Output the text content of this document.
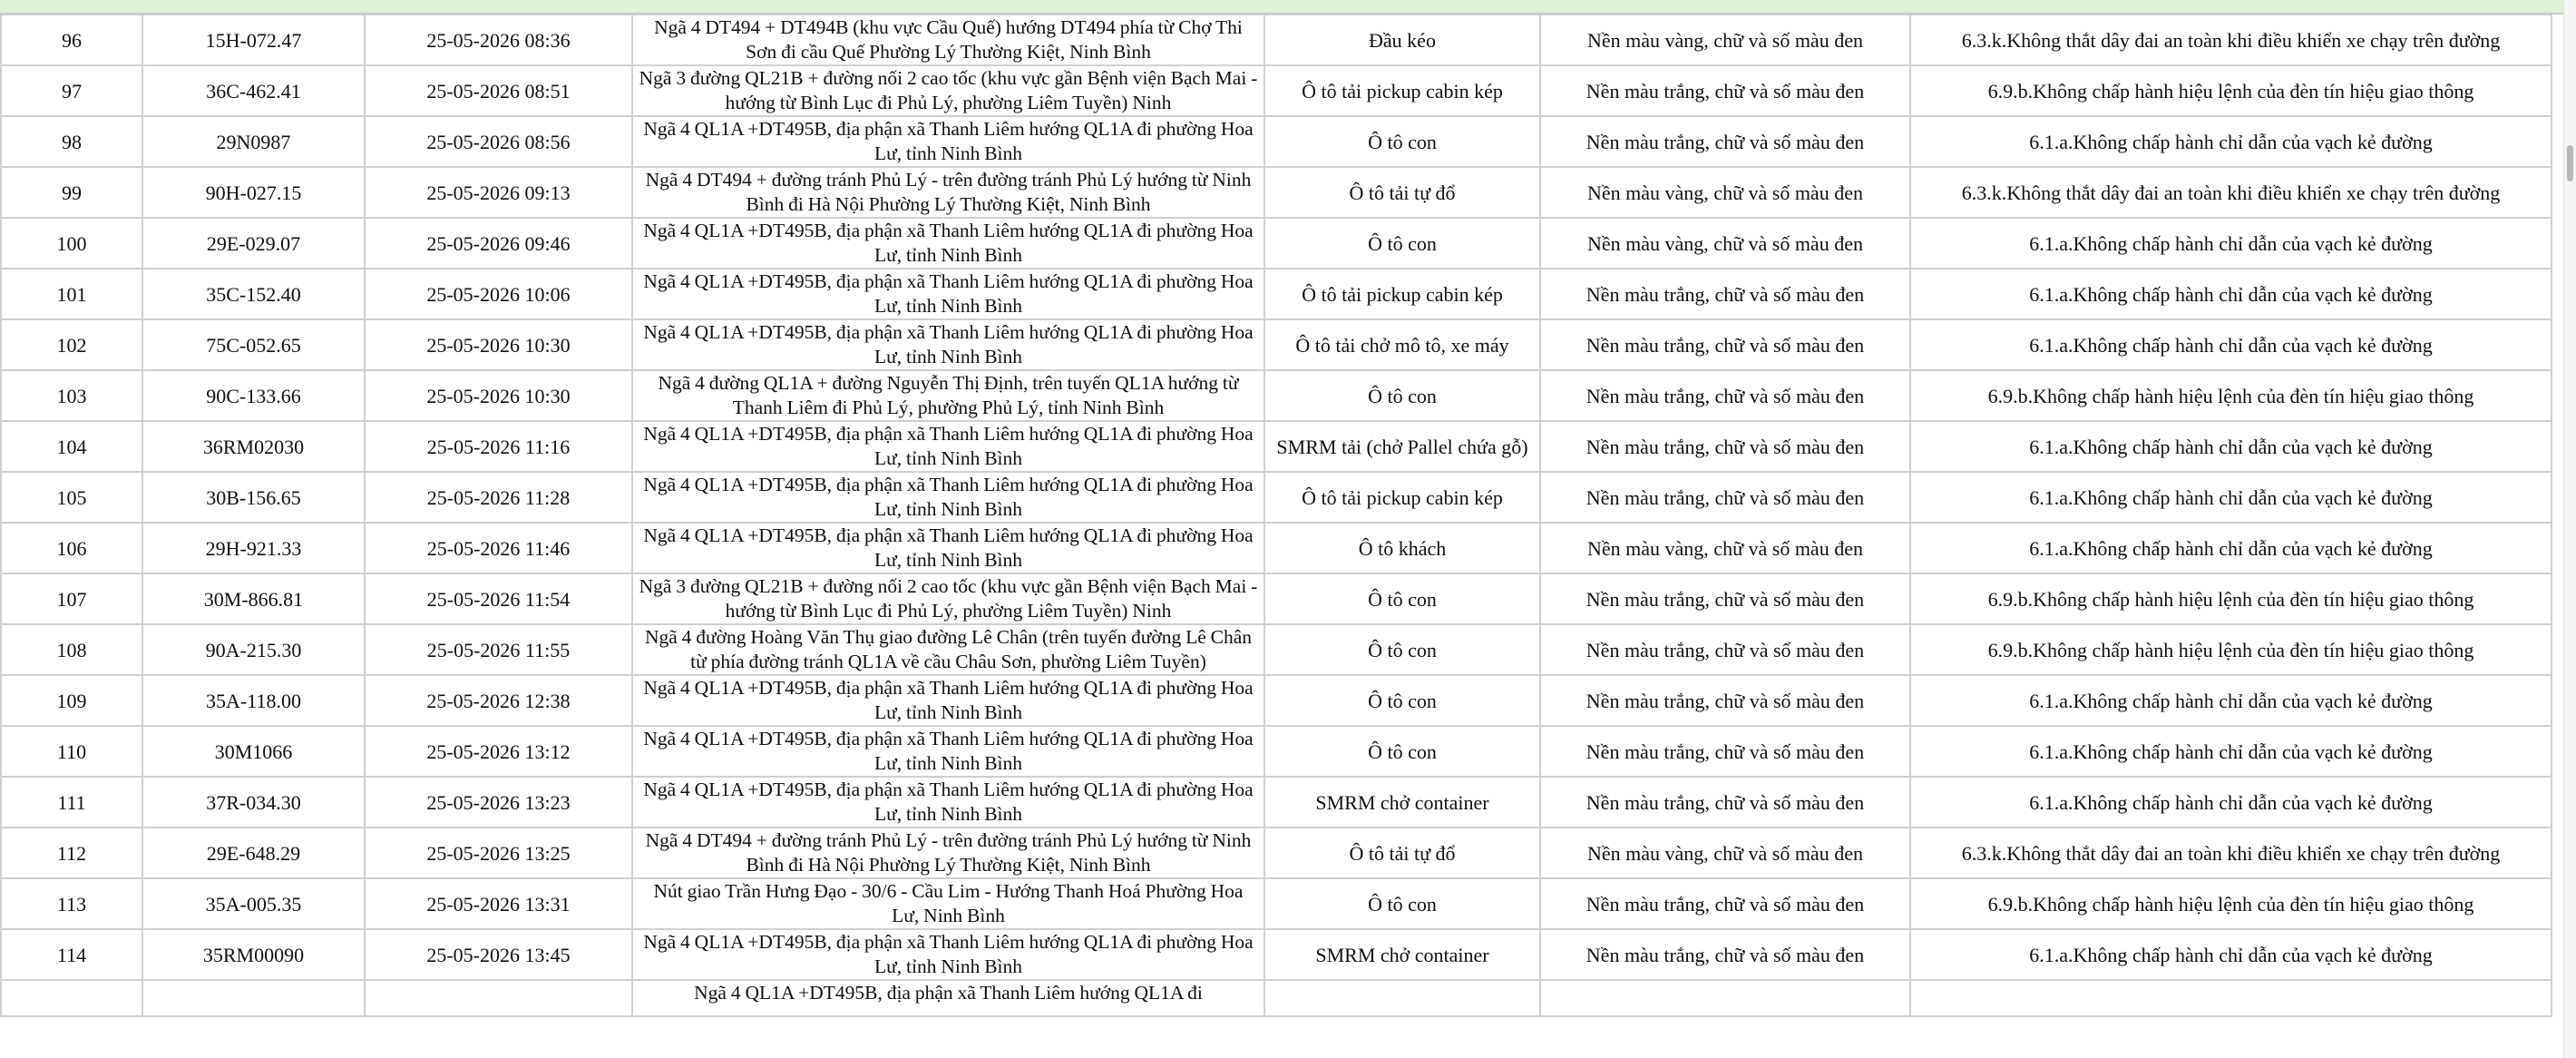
96	15H-072.47	25-05-2026 08:36	Ngã 4 DT494 + DT494B (khu vực Cầu Quế) hướng DT494 phía từ Chợ Thi Sơn đi cầu Quế Phường Lý Thường Kiệt, Ninh Bình	Đầu kéo	Nền màu vàng, chữ và số màu đen	6.3.k.Không thắt dây đai an toàn khi điều khiển xe chạy trên đường
97	36C-462.41	25-05-2026 08:51	Ngã 3 đường QL21B + đường nối 2 cao tốc (khu vực gần Bệnh viện Bạch Mai - hướng từ Bình Lục đi Phủ Lý, phường Liêm Tuyền) Ninh	Ô tô tải pickup cabin kép	Nền màu trắng, chữ và số màu đen	6.9.b.Không chấp hành hiệu lệnh của đèn tín hiệu giao thông
98	29N0987	25-05-2026 08:56	Ngã 4 QL1A +DT495B, địa phận xã Thanh Liêm hướng QL1A đi phường Hoa Lư, tỉnh Ninh Bình	Ô tô con	Nền màu trắng, chữ và số màu đen	6.1.a.Không chấp hành chỉ dẫn của vạch kẻ đường
99	90H-027.15	25-05-2026 09:13	Ngã 4 DT494 + đường tránh Phủ Lý - trên đường tránh Phủ Lý hướng từ Ninh Bình đi Hà Nội Phường Lý Thường Kiệt, Ninh Bình	Ô tô tải tự đổ	Nền màu vàng, chữ và số màu đen	6.3.k.Không thắt dây đai an toàn khi điều khiển xe chạy trên đường
100	29E-029.07	25-05-2026 09:46	Ngã 4 QL1A +DT495B, địa phận xã Thanh Liêm hướng QL1A đi phường Hoa Lư, tỉnh Ninh Bình	Ô tô con	Nền màu vàng, chữ và số màu đen	6.1.a.Không chấp hành chỉ dẫn của vạch kẻ đường
101	35C-152.40	25-05-2026 10:06	Ngã 4 QL1A +DT495B, địa phận xã Thanh Liêm hướng QL1A đi phường Hoa Lư, tỉnh Ninh Bình	Ô tô tải pickup cabin kép	Nền màu trắng, chữ và số màu đen	6.1.a.Không chấp hành chỉ dẫn của vạch kẻ đường
102	75C-052.65	25-05-2026 10:30	Ngã 4 QL1A +DT495B, địa phận xã Thanh Liêm hướng QL1A đi phường Hoa Lư, tỉnh Ninh Bình	Ô tô tải chở mô tô, xe máy	Nền màu trắng, chữ và số màu đen	6.1.a.Không chấp hành chỉ dẫn của vạch kẻ đường
103	90C-133.66	25-05-2026 10:30	Ngã 4 đường QL1A + đường Nguyễn Thị Định, trên tuyến QL1A hướng từ Thanh Liêm đi Phủ Lý, phường Phủ Lý, tỉnh Ninh Bình	Ô tô con	Nền màu trắng, chữ và số màu đen	6.9.b.Không chấp hành hiệu lệnh của đèn tín hiệu giao thông
104	36RM02030	25-05-2026 11:16	Ngã 4 QL1A +DT495B, địa phận xã Thanh Liêm hướng QL1A đi phường Hoa Lư, tỉnh Ninh Bình	SMRM tải (chở Pallel chứa gỗ)	Nền màu trắng, chữ và số màu đen	6.1.a.Không chấp hành chỉ dẫn của vạch kẻ đường
105	30B-156.65	25-05-2026 11:28	Ngã 4 QL1A +DT495B, địa phận xã Thanh Liêm hướng QL1A đi phường Hoa Lư, tỉnh Ninh Bình	Ô tô tải pickup cabin kép	Nền màu trắng, chữ và số màu đen	6.1.a.Không chấp hành chỉ dẫn của vạch kẻ đường
106	29H-921.33	25-05-2026 11:46	Ngã 4 QL1A +DT495B, địa phận xã Thanh Liêm hướng QL1A đi phường Hoa Lư, tỉnh Ninh Bình	Ô tô khách	Nền màu vàng, chữ và số màu đen	6.1.a.Không chấp hành chỉ dẫn của vạch kẻ đường
107	30M-866.81	25-05-2026 11:54	Ngã 3 đường QL21B + đường nối 2 cao tốc (khu vực gần Bệnh viện Bạch Mai - hướng từ Bình Lục đi Phủ Lý, phường Liêm Tuyền) Ninh	Ô tô con	Nền màu trắng, chữ và số màu đen	6.9.b.Không chấp hành hiệu lệnh của đèn tín hiệu giao thông
108	90A-215.30	25-05-2026 11:55	Ngã 4 đường Hoàng Văn Thụ giao đường Lê Chân (trên tuyến đường Lê Chân từ phía đường tránh QL1A về cầu Châu Sơn, phường Liêm Tuyền)	Ô tô con	Nền màu trắng, chữ và số màu đen	6.9.b.Không chấp hành hiệu lệnh của đèn tín hiệu giao thông
109	35A-118.00	25-05-2026 12:38	Ngã 4 QL1A +DT495B, địa phận xã Thanh Liêm hướng QL1A đi phường Hoa Lư, tỉnh Ninh Bình	Ô tô con	Nền màu trắng, chữ và số màu đen	6.1.a.Không chấp hành chỉ dẫn của vạch kẻ đường
110	30M1066	25-05-2026 13:12	Ngã 4 QL1A +DT495B, địa phận xã Thanh Liêm hướng QL1A đi phường Hoa Lư, tỉnh Ninh Bình	Ô tô con	Nền màu trắng, chữ và số màu đen	6.1.a.Không chấp hành chỉ dẫn của vạch kẻ đường
111	37R-034.30	25-05-2026 13:23	Ngã 4 QL1A +DT495B, địa phận xã Thanh Liêm hướng QL1A đi phường Hoa Lư, tỉnh Ninh Bình	SMRM chở container	Nền màu trắng, chữ và số màu đen	6.1.a.Không chấp hành chỉ dẫn của vạch kẻ đường
112	29E-648.29	25-05-2026 13:25	Ngã 4 DT494 + đường tránh Phủ Lý - trên đường tránh Phủ Lý hướng từ Ninh Bình đi Hà Nội Phường Lý Thường Kiệt, Ninh Bình	Ô tô tải tự đổ	Nền màu vàng, chữ và số màu đen	6.3.k.Không thắt dây đai an toàn khi điều khiển xe chạy trên đường
113	35A-005.35	25-05-2026 13:31	Nút giao Trần Hưng Đạo - 30/6 - Cầu Lim - Hướng Thanh Hoá Phường Hoa Lư, Ninh Bình	Ô tô con	Nền màu trắng, chữ và số màu đen	6.9.b.Không chấp hành hiệu lệnh của đèn tín hiệu giao thông
114	35RM00090	25-05-2026 13:45	Ngã 4 QL1A +DT495B, địa phận xã Thanh Liêm hướng QL1A đi phường Hoa Lư, tỉnh Ninh Bình	SMRM chở container	Nền màu trắng, chữ và số màu đen	6.1.a.Không chấp hành chỉ dẫn của vạch kẻ đường
			Ngã 4 QL1A +DT495B, địa phận xã Thanh Liêm hướng QL1A đi			
